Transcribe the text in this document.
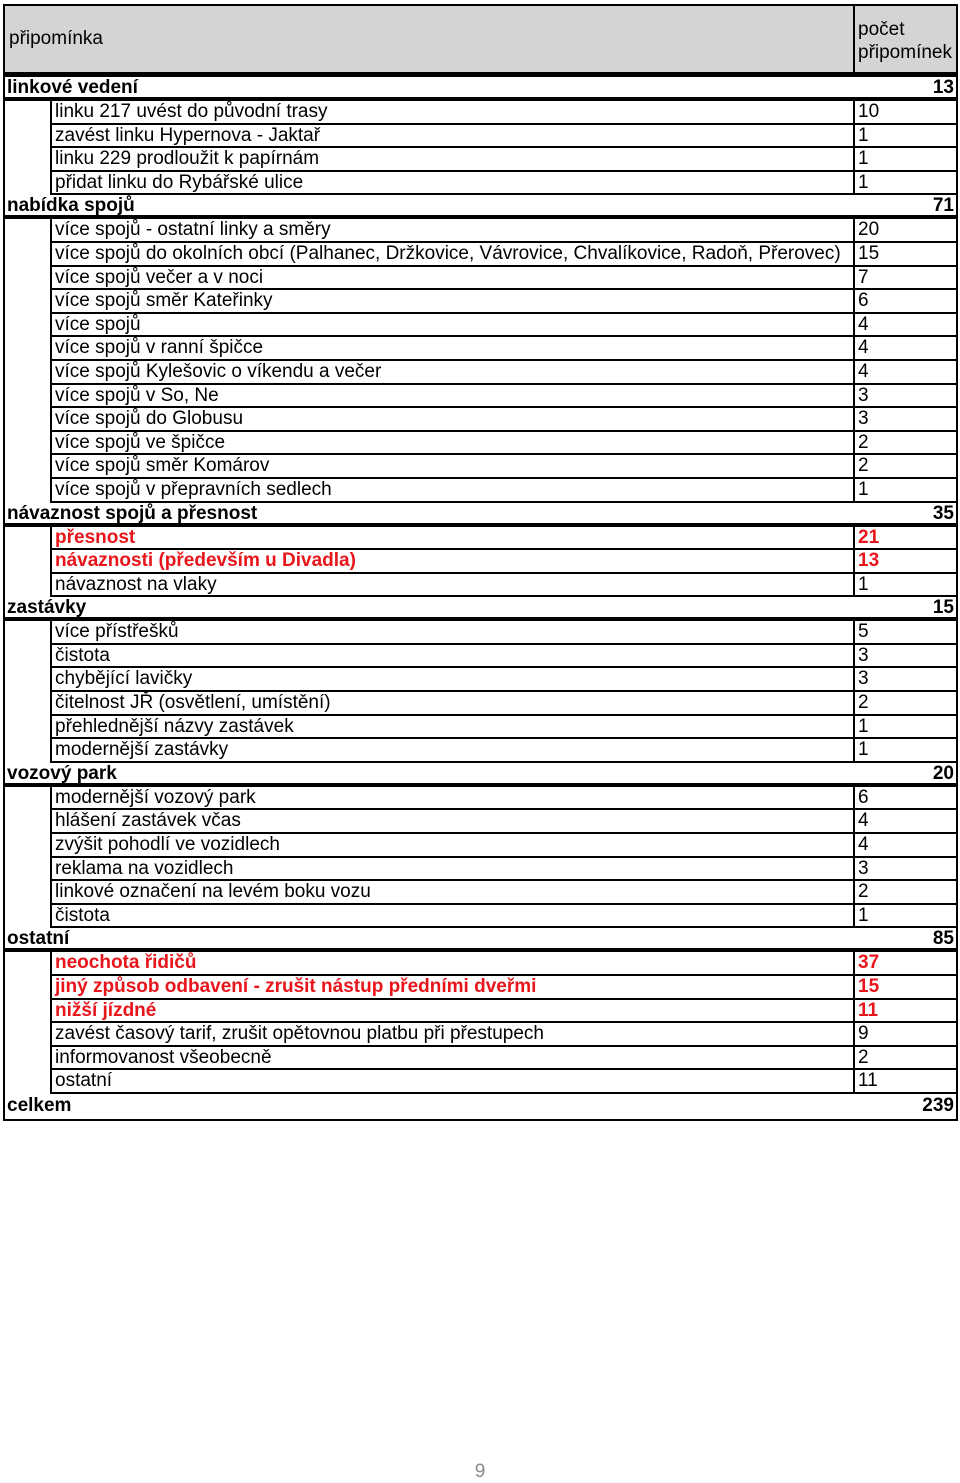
připomínka	počet
připomínek
linkové vedení	13
linku 217 uvést do původní trasy	10
zavést linku Hypernova - Jaktař	1
linku 229 prodloužit k papírnám	1
přidat linku do Rybářské ulice	1
nabídka spojů	71
více spojů - ostatní linky a směry	20
více spojů do okolních obcí (Palhanec, Držkovice, Vávrovice, Chvalíkovice, Radoň, Přerovec) 15
více spojů večer a v noci	7
více spojů směr Kateřinky	6
více spojů	4
více spojů v ranní špičce	4
více spojů Kylešovic o víkendu a večer	4
více spojů v So, Ne	3
více spojů do Globusu	3
více spojů ve špičce	2
více spojů směr Komárov	2
více spojů v přepravních sedlech	1
návaznost spojů a přesnost	35
přesnost	21
návaznosti (především u Divadla)	13
návaznost na vlaky	1
zastávky	15
více přístřešků	5
čistota	3
chybějící lavičky	3
čitelnost JŘ (osvětlení, umístění)	2
přehlednější názvy zastávek	1
modernější zastávky	1
vozový park	20
modernější vozový park	6
hlášení zastávek včas	4
zvýšit pohodlí ve vozidlech	4
reklama na vozidlech	3
linkové označení na levém boku vozu	2
čistota	1
ostatní	85
neochota řidičů	37
jiný způsob odbavení - zrušit nástup předními dveřmi	15
nižší jízdné	11
zavést časový tarif, zrušit opětovnou platbu při přestupech	9
informovanost všeobecně	2
ostatní	11
celkem	239
9
